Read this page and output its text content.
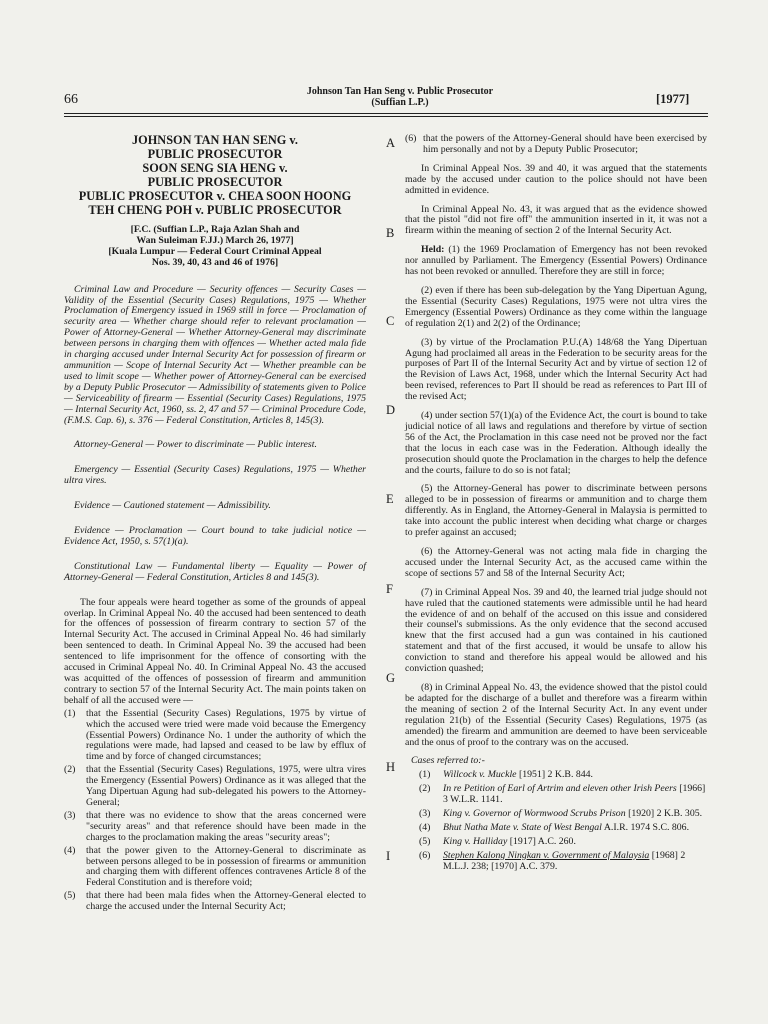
66
Johnson Tan Han Seng v. Public Prosecutor
(Suffian L.P.)	[1977]
JOHNSON TAN HAN SENG v.
PUBLIC PROSECUTOR
SOON SENG SIA HENG v.
PUBLIC PROSECUTOR
PUBLIC PROSECUTOR v. CHEA SOON HOONG
TEH CHENG POH v. PUBLIC PROSECUTOR
[F.C. (Suffian L.P., Raja Azlan Shah and
Wan Suleiman F.JJ.) March 26, 1977]
[Kuala Lumpur — Federal Court Criminal Appeal
Nos. 39, 40, 43 and 46 of 1976]
Criminal Law and Procedure — Security offences — Security Cases — Validity of the Essential (Security Cases) Regulations, 1975 — Whether Proclamation of Emergency issued in 1969 still in force — Proclamation of security area — Whether charge should refer to relevant proclamation — Power of Attorney-General — Whether Attorney-General may discriminate between persons in charging them with offences — Whether acted mala fide in charging accused under Internal Security Act for possession of firearm or ammunition — Scope of Internal Security Act — Whether preamble can be used to limit scope — Whether power of Attorney-General can be exercised by a Deputy Public Prosecutor — Admissibility of statements given to Police — Serviceability of firearm — Essential (Security Cases) Regulations, 1975 — Internal Security Act, 1960, ss. 2, 47 and 57 — Criminal Procedure Code, (F.M.S. Cap. 6), s. 376 — Federal Constitution, Articles 8, 145(3).
Attorney-General — Power to discriminate — Public interest.
Emergency — Essential (Security Cases) Regulations, 1975 — Whether ultra vires.
Evidence — Cautioned statement — Admissibility.
Evidence — Proclamation — Court bound to take judicial notice — Evidence Act, 1950, s. 57(1)(a).
Constitutional Law — Fundamental liberty — Equality — Power of Attorney-General — Federal Constitution, Articles 8 and 145(3).

The four appeals were heard together as some of the grounds of appeal overlap. In Criminal Appeal No. 40 the accused had been sentenced to death for the offences of possession of firearm contrary to section 57 of the Internal Security Act. The accused in Criminal Appeal No. 46 had similarly been sentenced to death. In Criminal Appeal No. 39 the accused had been sentenced to life imprisonment for the offence of consorting with the accused in Criminal Appeal No. 40. In Criminal Appeal No. 43 the accused was acquitted of the offences of possession of firearm and ammunition contrary to section 57 of the Internal Security Act. The main points taken on behalf of all the accused were —

(1)	that the Essential (Security Cases) Regulations, 1975 by virtue of which the accused were tried were made void because the Emergency (Essential Powers) Ordinance No. 1 under the authority of which the regulations were made, had lapsed and ceased to be law by efflux of time and by force of changed circumstances;
(2)	that the Essential (Security Cases) Regulations, 1975, were ultra vires the Emergency (Essential Powers) Ordinance as it was alleged that the Yang Dipertuan Agung had sub-delegated his powers to the Attorney-General;
(3)	that there was no evidence to show that the areas concerned were "security areas" and that reference should have been made in the charges to the proclamation making the areas "security areas";
(4)	that the power given to the Attorney-General to discriminate as between persons alleged to be in possession of firearms or ammunition and charging them with different offences contravenes Article 8 of the Federal Constitution and is therefore void;
(5)	that there had been mala fides when the Attorney-General elected to charge the accused under the Internal Security Act;
A
B
C
D
E
F
G
H
I
(6) that the powers of the Attorney-General should have been exercised by him personally and not by a Deputy Public Prosecutor;

In Criminal Appeal Nos. 39 and 40, it was argued that the statements made by the accused under caution to the police should not have been admitted in evidence.

In Criminal Appeal No. 43, it was argued that as the evidence showed that the pistol "did not fire off" the ammunition inserted in it, it was not a firearm within the meaning of section 2 of the Internal Security Act.

Held: (1) the 1969 Proclamation of Emergency has not been revoked nor annulled by Parliament. The Emergency (Essential Powers) Ordinance has not been revoked or annulled. Therefore they are still in force;

(2) even if there has been sub-delegation by the Yang Dipertuan Agung, the Essential (Security Cases) Regulations, 1975 were not ultra vires the Emergency (Essential Powers) Ordinance as they come within the language of regulation 2(1) and 2(2) of the Ordinance;

(3) by virtue of the Proclamation P.U.(A) 148/68 the Yang Dipertuan Agung had proclaimed all areas in the Federation to be security areas for the purposes of Part II of the Internal Security Act and by virtue of section 12 of the Revision of Laws Act, 1968, under which the Internal Security Act had been revised, references to Part II should be read as references to Part III of the revised Act;

(4) under section 57(1)(a) of the Evidence Act, the court is bound to take judicial notice of all laws and regulations and therefore by virtue of section 56 of the Act, the Proclamation in this case need not be proved nor the fact that the locus in each case was in the Federation. Although ideally the prosecution should quote the Proclamation in the charges to help the defence and the courts, failure to do so is not fatal;

(5) the Attorney-General has power to discriminate between persons alleged to be in possession of firearms or ammunition and to charge them differently. As in England, the Attorney-General in Malaysia is permitted to take into account the public interest when deciding what charge or charges to prefer against an accused;

(6) the Attorney-General was not acting mala fide in charging the accused under the Internal Security Act, as the accused came within the scope of sections 57 and 58 of the Internal Security Act;

(7) in Criminal Appeal Nos. 39 and 40, the learned trial judge should not have ruled that the cautioned statements were admissible until he had heard the evidence of and on behalf of the accused on this issue and considered their counsel's submissions. As the only evidence that the second accused knew that the first accused had a gun was contained in his cautioned statement and that of the first accused, it would be unsafe to allow his conviction to stand and therefore his appeal would be allowed and his conviction quashed;

(8) in Criminal Appeal No. 43, the evidence showed that the pistol could be adapted for the discharge of a bullet and therefore was a firearm within the meaning of section 2 of the Internal Security Act. In any event under regulation 21(b) of the Essential (Security Cases) Regulations, 1975 (as amended) the firearm and ammunition are deemed to have been serviceable and the onus of proof to the contrary was on the accused.

Cases referred to:-
(1)	Willcock v. Muckle [1951] 2 K.B. 844.
(2)	In re Petition of Earl of Artrim and eleven other Irish Peers [1966] 3 W.L.R. 1141.
(3)	King v. Governor of Wormwood Scrubs Prison [1920] 2 K.B. 305.
(4)	Bhut Natha Mate v. State of West Bengal A.I.R. 1974 S.C. 806.
(5)	King v. Halliday [1917] A.C. 260.
(6)	Stephen Kalong Ningkan v. Government of Malaysia [1968] 2 M.L.J. 238; [1970] A.C. 379.
